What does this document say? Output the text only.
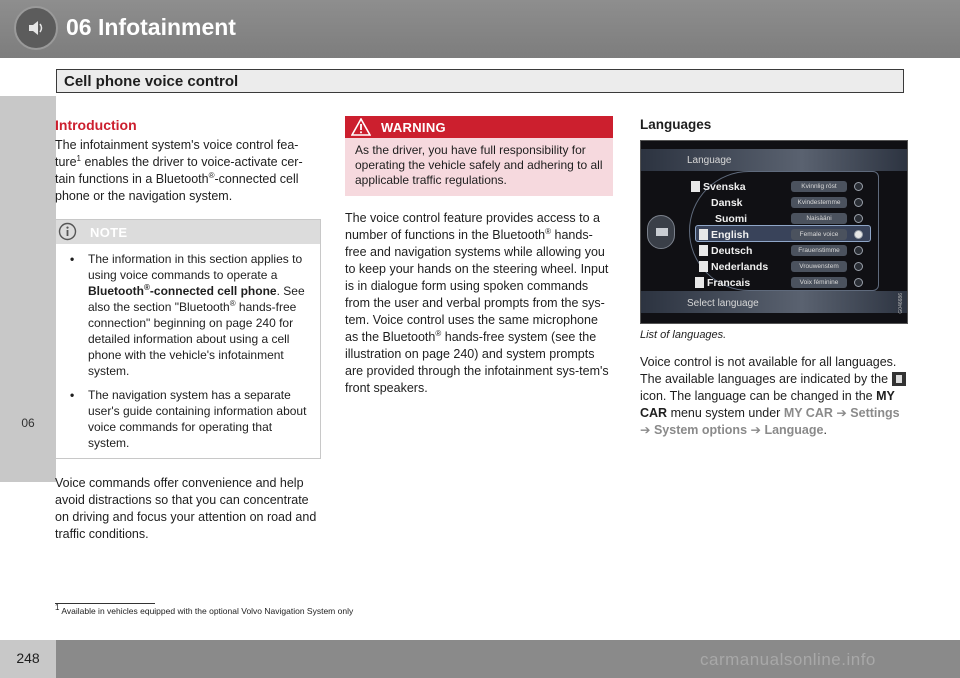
06 Infotainment
Cell phone voice control
06
Introduction

The infotainment system's voice control fea-ture$^1$ enables the driver to voice-activate cer-tain functions in a Bluetooth®-connected cell phone or the navigation system.

NOTE
• The information in this section applies to using voice commands to operate a Bluetooth®-connected cell phone. See also the section "Bluetooth® hands-free connection" beginning on page 240 for detailed information about using a cell phone with the vehicle's infotainment system.
• The navigation system has a separate user's guide containing information about voice commands for operating that system.

Voice commands offer convenience and help avoid distractions so that you can concentrate on driving and focus your attention on road and traffic conditions.

WARNING
As the driver, you have full responsibility for operating the vehicle safely and adhering to all applicable traffic regulations.

The voice control feature provides access to a number of functions in the Bluetooth® hands-free and navigation systems while allowing you to keep your hands on the steering wheel. Input is in dialogue form using spoken commands from the user and verbal prompts from the sys-tem. Voice control uses the same microphone as the Bluetooth® hands-free system (see the illustration on page 240) and system prompts are provided through the infotainment sys-tem's front speakers.

Languages
Language
Svenska	Kvinnlig röst
Dansk	Kvindestemme
Suomi	Naisääni
English	Female voice
Deutsch	Frauenstimme
Nederlands	Vrouwenstem
Francais	Voix féminine
Select language	G046686

List of languages.

Voice control is not available for all languages. The available languages are indicated by the  icon. The language can be changed in the MY CAR menu system under MY CAR ➔ Settings ➔ System options ➔ Language.

$^1$ Available in vehicles equipped with the optional Volvo Navigation System only
248	carmanualsonline.info
